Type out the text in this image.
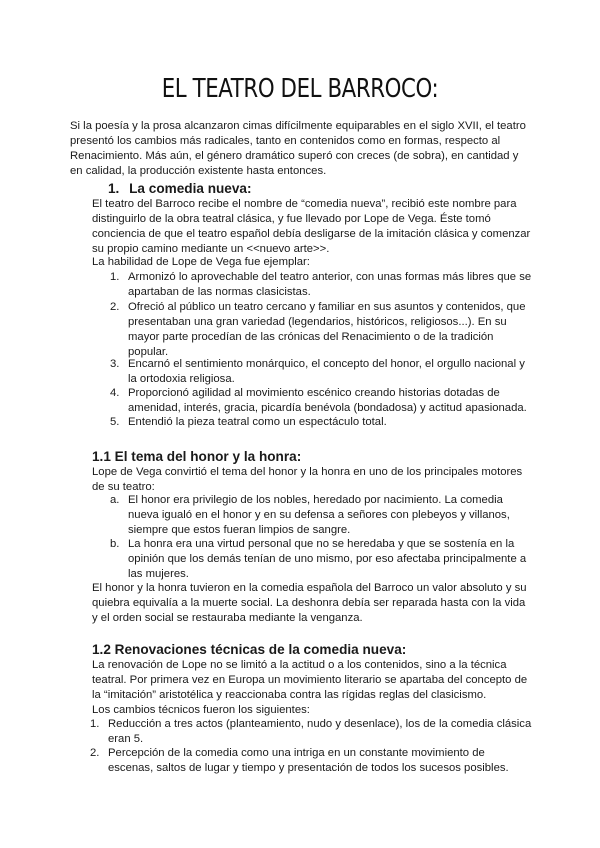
EL TEATRO DEL BARROCO:

Si la poesía y la prosa alcanzaron cimas difícilmente equiparables en el siglo XVII, el teatro presentó los cambios más radicales, tanto en contenidos como en formas, respecto al Renacimiento. Más aún, el género dramático superó con creces (de sobra), en cantidad y en calidad, la producción existente hasta entonces.

1. La comedia nueva:

El teatro del Barroco recibe el nombre de “comedia nueva”, recibió este nombre para distinguirlo de la obra teatral clásica, y fue llevado por Lope de Vega. Éste tomó conciencia de que el teatro español debía desligarse de la imitación clásica y comenzar su propio camino mediante un <<nuevo arte>>.

La habilidad de Lope de Vega fue ejemplar:

1. Armonizó lo aprovechable del teatro anterior, con unas formas más libres que se apartaban de las normas clasicistas.
2. Ofreció al público un teatro cercano y familiar en sus asuntos y contenidos, que presentaban una gran variedad (legendarios, históricos, religiosos...). En su mayor parte procedían de las crónicas del Renacimiento o de la tradición popular.
3. Encarnó el sentimiento monárquico, el concepto del honor, el orgullo nacional y la ortodoxia religiosa.
4. Proporcionó agilidad al movimiento escénico creando historias dotadas de amenidad, interés, gracia, picardía benévola (bondadosa) y actitud apasionada.
5. Entendió la pieza teatral como un espectáculo total.
1.1 El tema del honor y la honra:

Lope de Vega convirtió el tema del honor y la honra en uno de los principales motores de su teatro:

a. El honor era privilegio de los nobles, heredado por nacimiento. La comedia nueva igualó en el honor y en su defensa a señores con plebeyos y villanos, siempre que estos fueran limpios de sangre.
b. La honra era una virtud personal que no se heredaba y que se sostenía en la opinión que los demás tenían de uno mismo, por eso afectaba principalmente a las mujeres.

El honor y la honra tuvieron en la comedia española del Barroco un valor absoluto y su quiebra equivalía a la muerte social. La deshonra debía ser reparada hasta con la vida y el orden social se restauraba mediante la venganza.

1.2 Renovaciones técnicas de la comedia nueva:

La renovación de Lope no se limitó a la actitud o a los contenidos, sino a la técnica teatral. Por primera vez en Europa un movimiento literario se apartaba del concepto de la “imitación” aristotélica y reaccionaba contra las rígidas reglas del clasicismo.

Los cambios técnicos fueron los siguientes:

1. Reducción a tres actos (planteamiento, nudo y desenlace), los de la comedia clásica eran 5.
2. Percepción de la comedia como una intriga en un constante movimiento de escenas, saltos de lugar y tiempo y presentación de todos los sucesos posibles.
